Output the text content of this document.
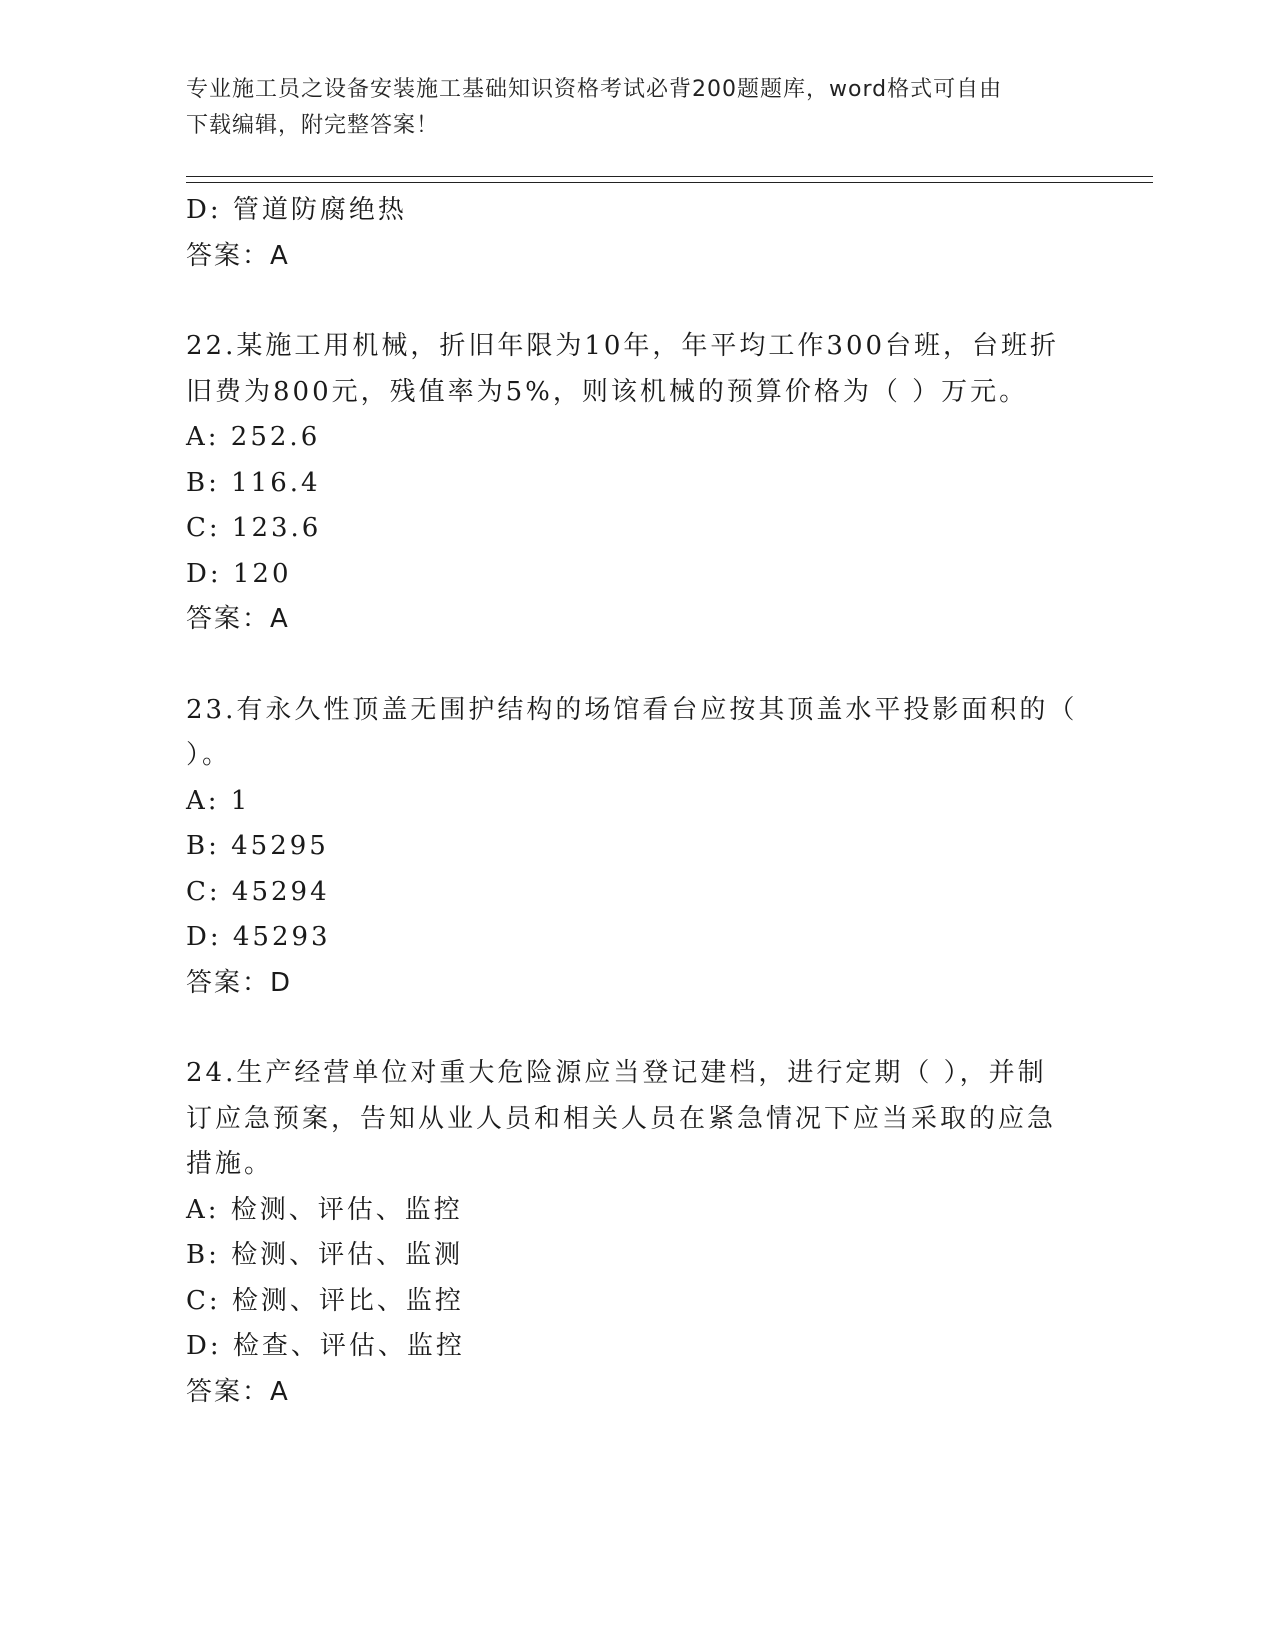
专业施工员之设备安装施工基础知识资格考试必背200题题库，word格式可自由
下载编辑，附完整答案！
D: 管道防腐绝热
答案：A
22.某施工用机械，折旧年限为10年，年平均工作300台班，台班折
旧费为800元，残值率为5%，则该机械的预算价格为（ ）万元。
A: 252.6
B: 116.4
C: 123.6
D: 120
答案：A
23.有永久性顶盖无围护结构的场馆看台应按其顶盖水平投影面积的（
）。
A: 1
B: 45295
C: 45294
D: 45293
答案：D
24.生产经营单位对重大危险源应当登记建档，进行定期（ ），并制
订应急预案，告知从业人员和相关人员在紧急情况下应当采取的应急
措施。
A: 检测、评估、监控
B: 检测、评估、监测
C: 检测、评比、监控
D: 检查、评估、监控
答案：A
